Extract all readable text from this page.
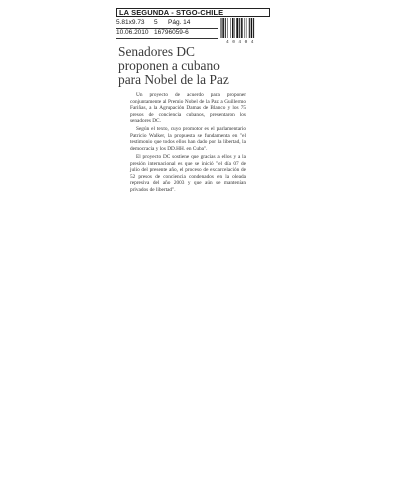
LA SEGUNDA - STGO-CHILE
5.81x9.73	5	Pág. 14
10.06.2010 16796059-6
4 0 4 0 4
Senadores DC
proponen a cubano
para Nobel de la Paz

Un proyecto de acuerdo para proponer conjuntamente al Premio Nobel de la Paz a Guillermo Fariñas, a la Agrupación Damas de Blanco y los 75 presos de conciencia cubanos, presentaron los senadores DC.

Según el texto, cuyo promotor es el parlamentario Patricio Walker, la propuesta se fundamenta en "el testimonio que todos ellos han dado por la libertad, la democracia y los DD.HH. en Cuba".

El proyecto DC sostiene que gracias a ellos y a la presión internacional es que se inició "el día 07 de julio del presente año, el proceso de excarcelación de 52 presos de conciencia condenados en la oleada represiva del año 2003 y que aún se mantenían privados de libertad".
